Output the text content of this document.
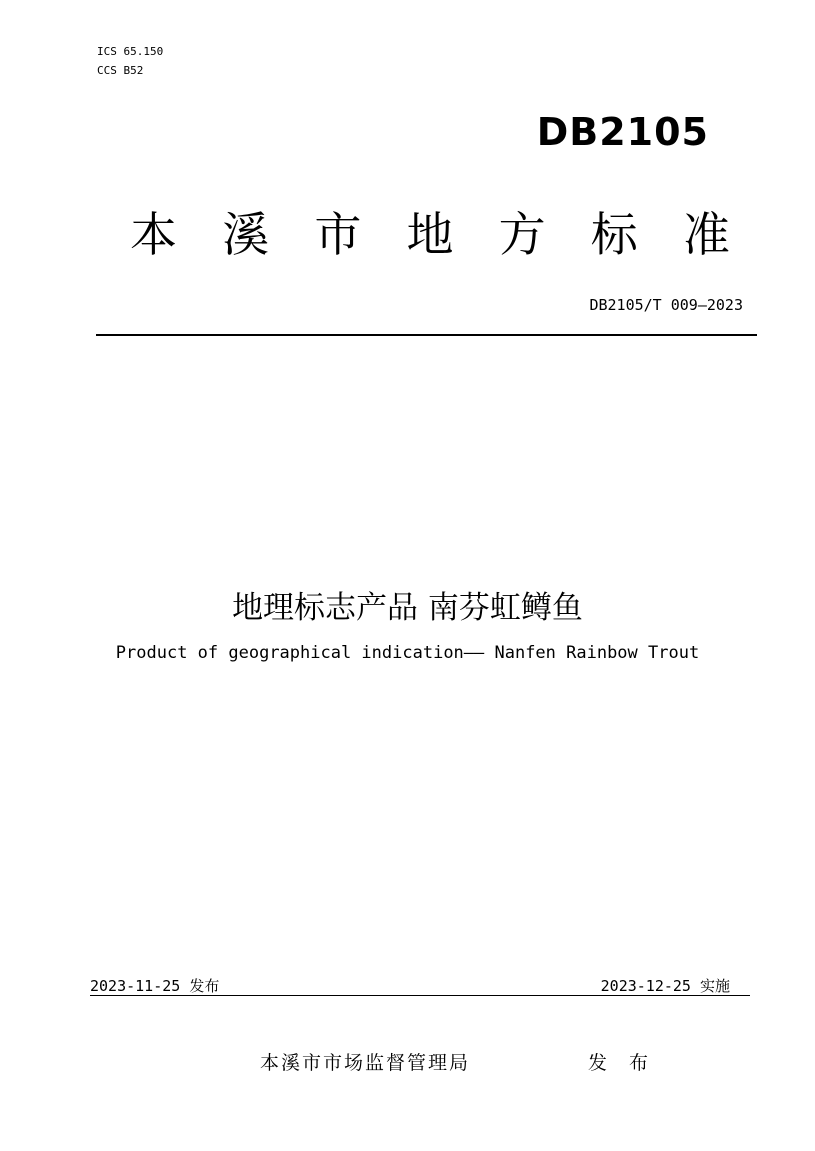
ICS 65.150
CCS B52
DB2105
本 溪 市 地 方 标 准
DB2105/T 009—2023
地理标志产品 南芬虹鳟鱼
Product of geographical indication—— Nanfen Rainbow Trout
2023-11-25 发布	2023-12-25 实施
本溪市市场监督管理局	发 布
